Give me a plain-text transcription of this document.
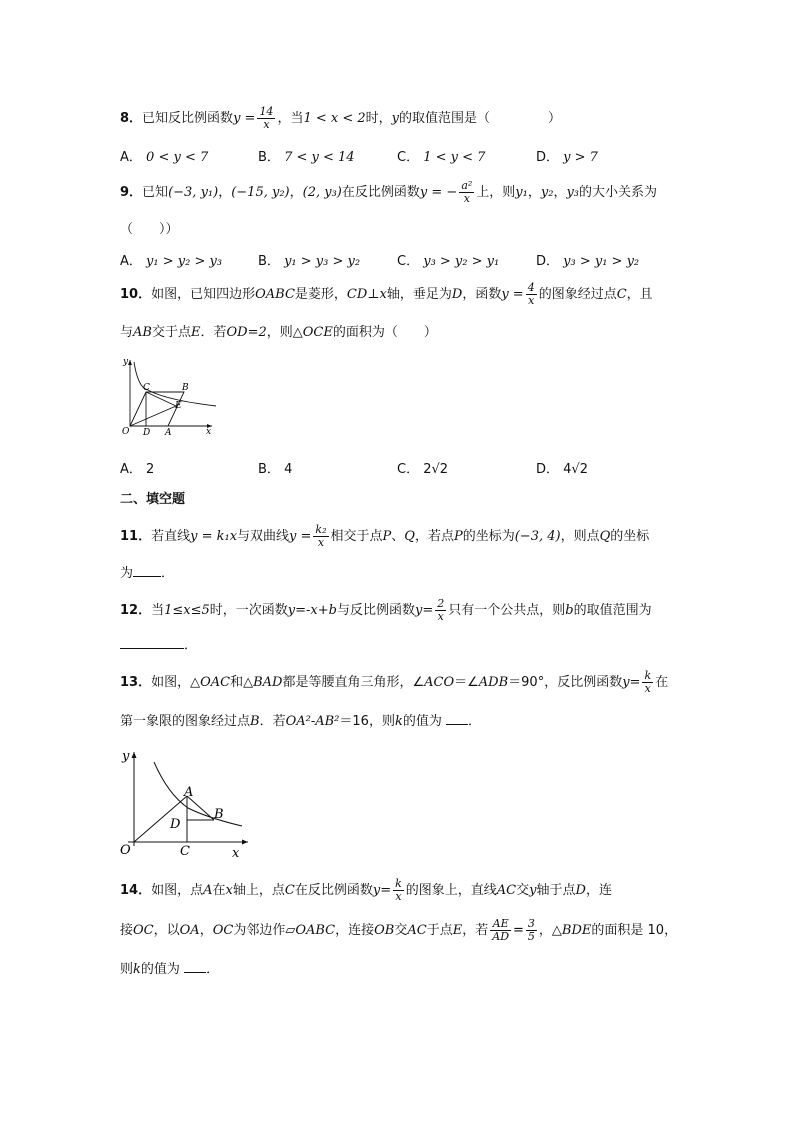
8．已知反比例函数$y = \frac{14}{x}$ ，当1 < x < 2时，y的取值范围是（	）
A． 0 < y < 7	B． 7 < y < 14	C． 1 < y < 7	D． y > 7
9．已知(−3, y₁)，(−15, y₂)，(2, y₃)在反比例函数y = − $\frac{\text{a²}}{x}$ 上，则y₁，y₂，y₃的大小关系为
（　　））
A． y₁ > y₂ > y₃	B． y₁ > y₃ > y₂	C． y₃ > y₂ > y₁	D． y₃ > y₁ > y₂
10．如图，已知四边形OABC是菱形，CD⊥x轴，垂足为D，函数$y = \frac{4}{x}$ 的图象经过点C，且
与AB交于点E．若OD=2，则△OCE的面积为（　　）
y
x
O
C	B
E
D A
A． 2	B． 4	C． 2√2	D． 4√2
二、填空题
11．若直线y = k₁x与双曲线$y = \frac{\text{k₂}}{x}$ 相交于点P、Q，若点P的坐标为(−3, 4)，则点Q的坐标
为 ．
12．当1≤x≤5时，一次函数y=-x+b与反比例函数$y= \frac{2}{x}$ 只有一个公共点，则b的取值范围为
．
13．如图，△OAC和△BAD都是等腰直角三角形，∠ACO＝∠ADB＝90°，反比例函数$y= \frac{k}{x}$ 在
第一象限的图象经过点B．若OA²-AB²＝16，则k的值为 ．
y
x
O
A
B
D
C
14．如图，点A在x轴上，点C在反比例函数$y= \frac{k}{x}$ 的图象上，直线AC交y轴于点D，连
接OC，以OA，OC为邻边作▱OABC，连接OB交AC于点E，若 $\frac{AE}{AD} = \frac{3}{5}$ ，△BDE的面积是 10，
则k的值为 ．
